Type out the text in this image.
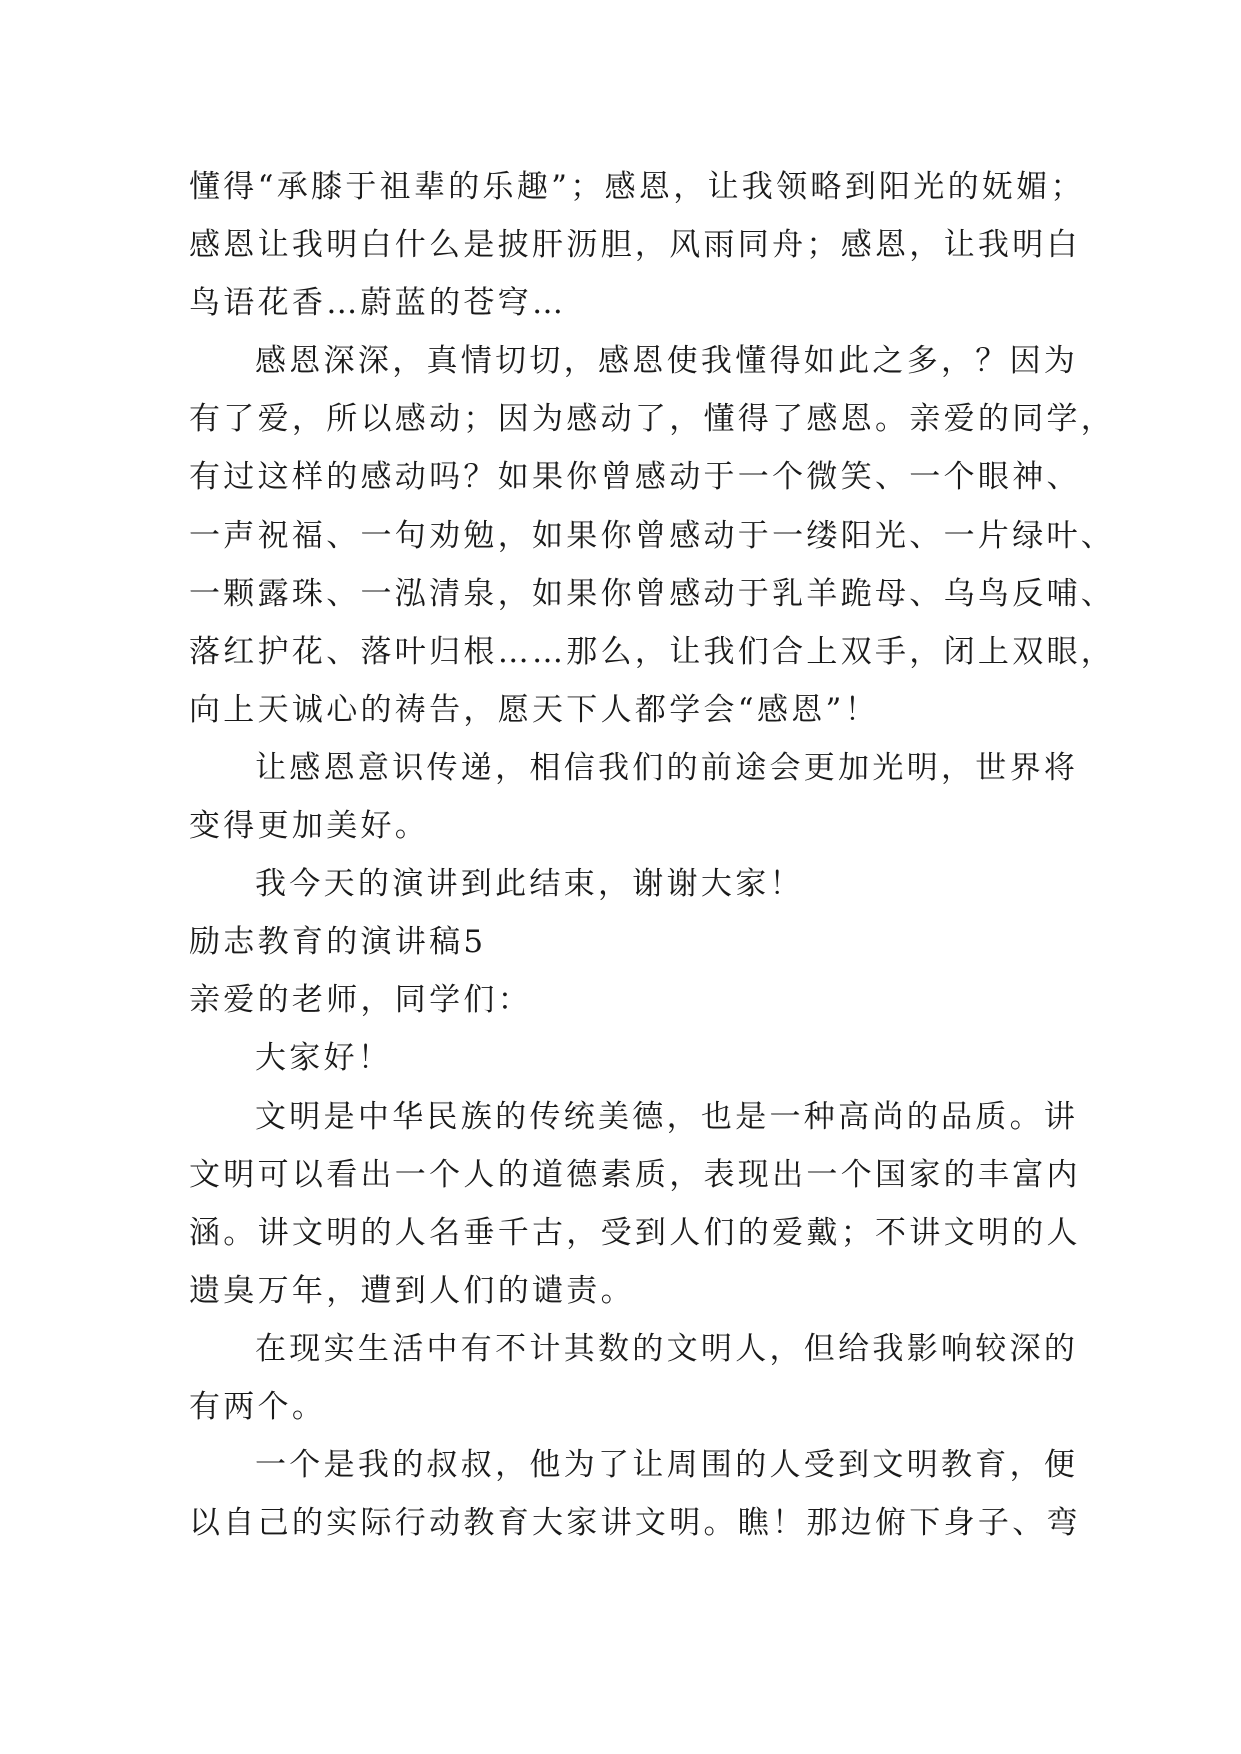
懂得“承膝于祖辈的乐趣”；感恩，让我领略到阳光的妩媚；
感恩让我明白什么是披肝沥胆，风雨同舟；感恩，让我明白
鸟语花香…蔚蓝的苍穹…
感恩深深，真情切切，感恩使我懂得如此之多，？因为
有了爱，所以感动；因为感动了，懂得了感恩。亲爱的同学，
有过这样的感动吗？如果你曾感动于一个微笑、一个眼神、
一声祝福、一句劝勉，如果你曾感动于一缕阳光、一片绿叶、
一颗露珠、一泓清泉，如果你曾感动于乳羊跪母、乌鸟反哺、
落红护花、落叶归根……那么，让我们合上双手，闭上双眼，
向上天诚心的祷告，愿天下人都学会“感恩”！
让感恩意识传递，相信我们的前途会更加光明，世界将
变得更加美好。
我今天的演讲到此结束，谢谢大家！
励志教育的演讲稿5
亲爱的老师，同学们：
大家好！
文明是中华民族的传统美德，也是一种高尚的品质。讲
文明可以看出一个人的道德素质，表现出一个国家的丰富内
涵。讲文明的人名垂千古，受到人们的爱戴；不讲文明的人
遗臭万年，遭到人们的谴责。
在现实生活中有不计其数的文明人，但给我影响较深的
有两个。
一个是我的叔叔，他为了让周围的人受到文明教育，便
以自己的实际行动教育大家讲文明。瞧！那边俯下身子、弯
